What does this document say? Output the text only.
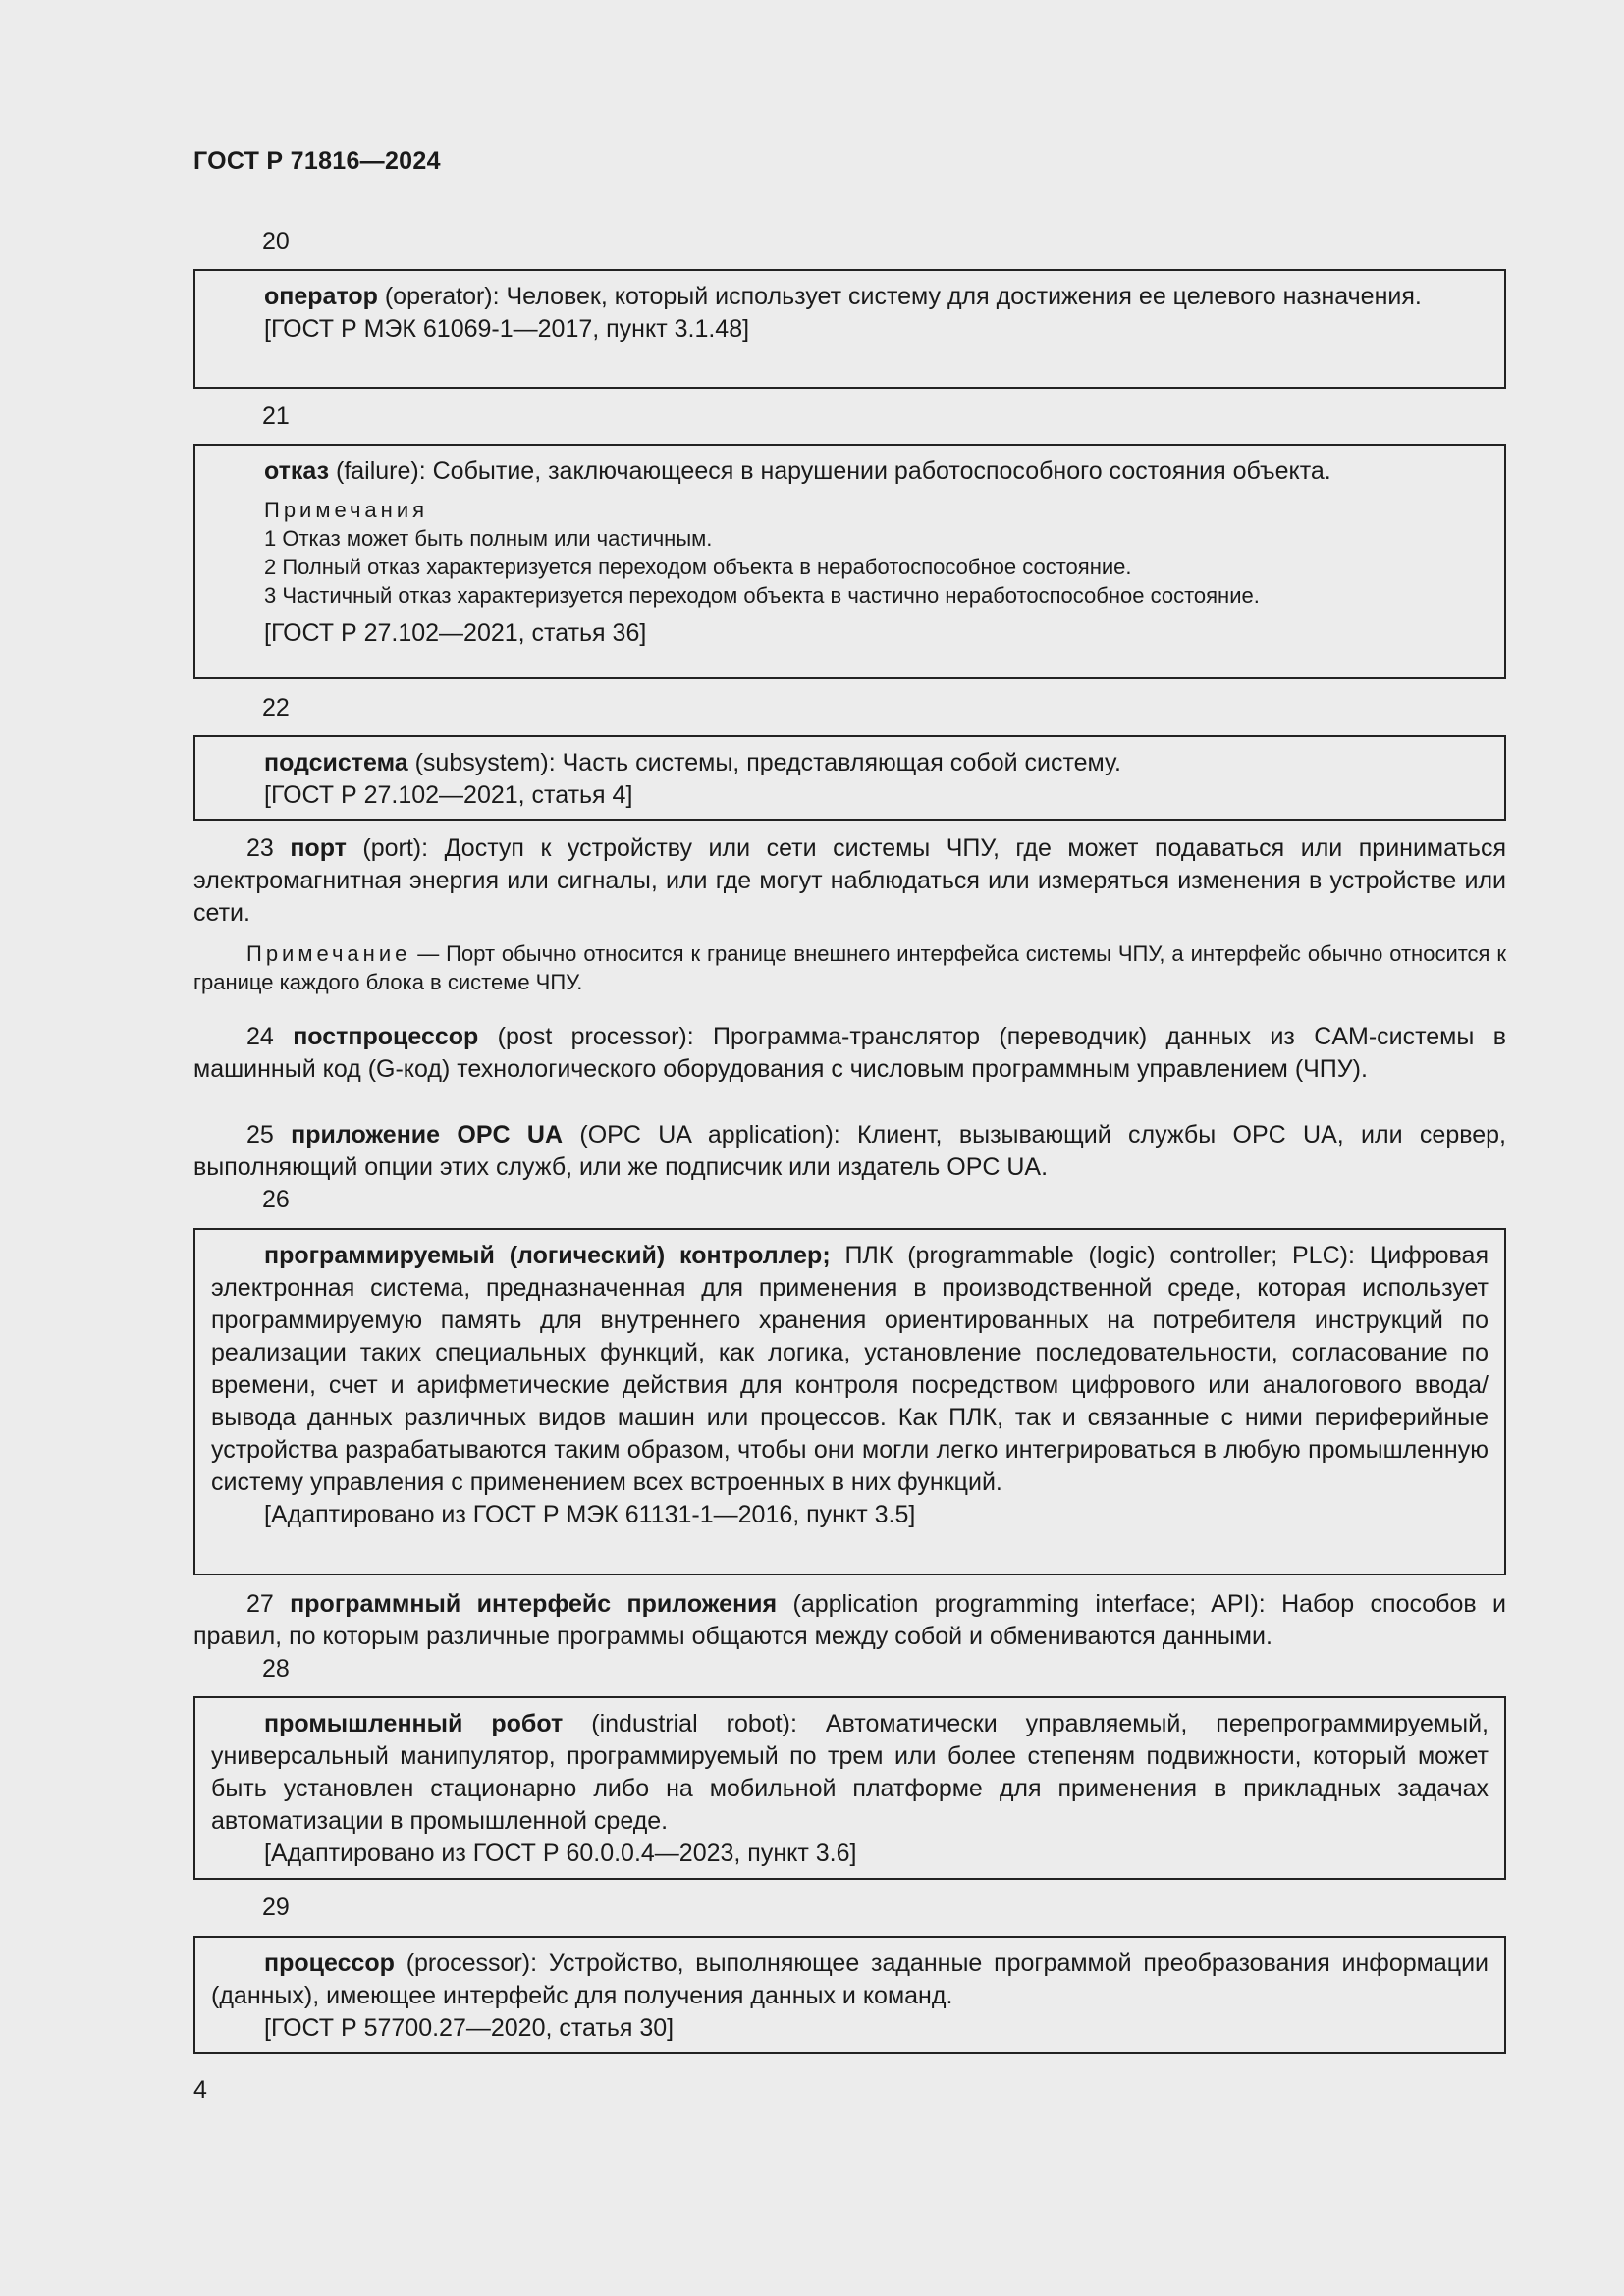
ГОСТ Р 71816—2024
20

оператор (operator): Человек, который использует систему для достижения ее целевого назначения.

[ГОСТ Р МЭК 61069-1—2017, пункт 3.1.48]

21

отказ (failure): Событие, заключающееся в нарушении работоспособного состояния объекта.

Примечания

1 Отказ может быть полным или частичным.

2 Полный отказ характеризуется переходом объекта в неработоспособное состояние.

3 Частичный отказ характеризуется переходом объекта в частично неработоспособное состояние.

[ГОСТ Р 27.102—2021, статья 36]

22

подсистема (subsystem): Часть системы, представляющая собой систему.

[ГОСТ Р 27.102—2021, статья 4]

23 порт (port): Доступ к устройству или сети системы ЧПУ, где может подаваться или приниматься электромагнитная энергия или сигналы, или где могут наблюдаться или измеряться изменения в устройстве или сети.

Примечание — Порт обычно относится к границе внешнего интерфейса системы ЧПУ, а интерфейс обычно относится к границе каждого блока в системе ЧПУ.

24 постпроцессор (post processor): Программа-транслятор (переводчик) данных из CAM-системы в машинный код (G-код) технологического оборудования с числовым программным управлением (ЧПУ).

25 приложение OPC UA (OPC UA application): Клиент, вызывающий службы OPC UA, или сервер, выполняющий опции этих служб, или же подписчик или издатель OPC UA.

26

программируемый (логический) контроллер; ПЛК (programmable (logic) controller; PLC): Цифровая электронная система, предназначенная для применения в производственной среде, которая использует программируемую память для внутреннего хранения ориентированных на потребителя инструкций по реализации таких специальных функций, как логика, установление последовательности, согласование по времени, счет и арифметические действия для контроля посредством цифрового или аналогового ввода/вывода данных различных видов машин или процессов. Как ПЛК, так и связанные с ними периферийные устройства разрабатываются таким образом, чтобы они могли легко интегрироваться в любую промышленную систему управления с применением всех встроенных в них функций.

[Адаптировано из ГОСТ Р МЭК 61131-1—2016, пункт 3.5]

27 программный интерфейс приложения (application programming interface; API): Набор способов и правил, по которым различные программы общаются между собой и обмениваются данными.

28

промышленный робот (industrial robot): Автоматически управляемый, перепрограммируемый, универсальный манипулятор, программируемый по трем или более степеням подвижности, который может быть установлен стационарно либо на мобильной платформе для применения в прикладных задачах автоматизации в промышленной среде.

[Адаптировано из ГОСТ Р 60.0.0.4—2023, пункт 3.6]

29

процессор (processor): Устройство, выполняющее заданные программой преобразования информации (данных), имеющее интерфейс для получения данных и команд.

[ГОСТ Р 57700.27—2020, статья 30]

4
